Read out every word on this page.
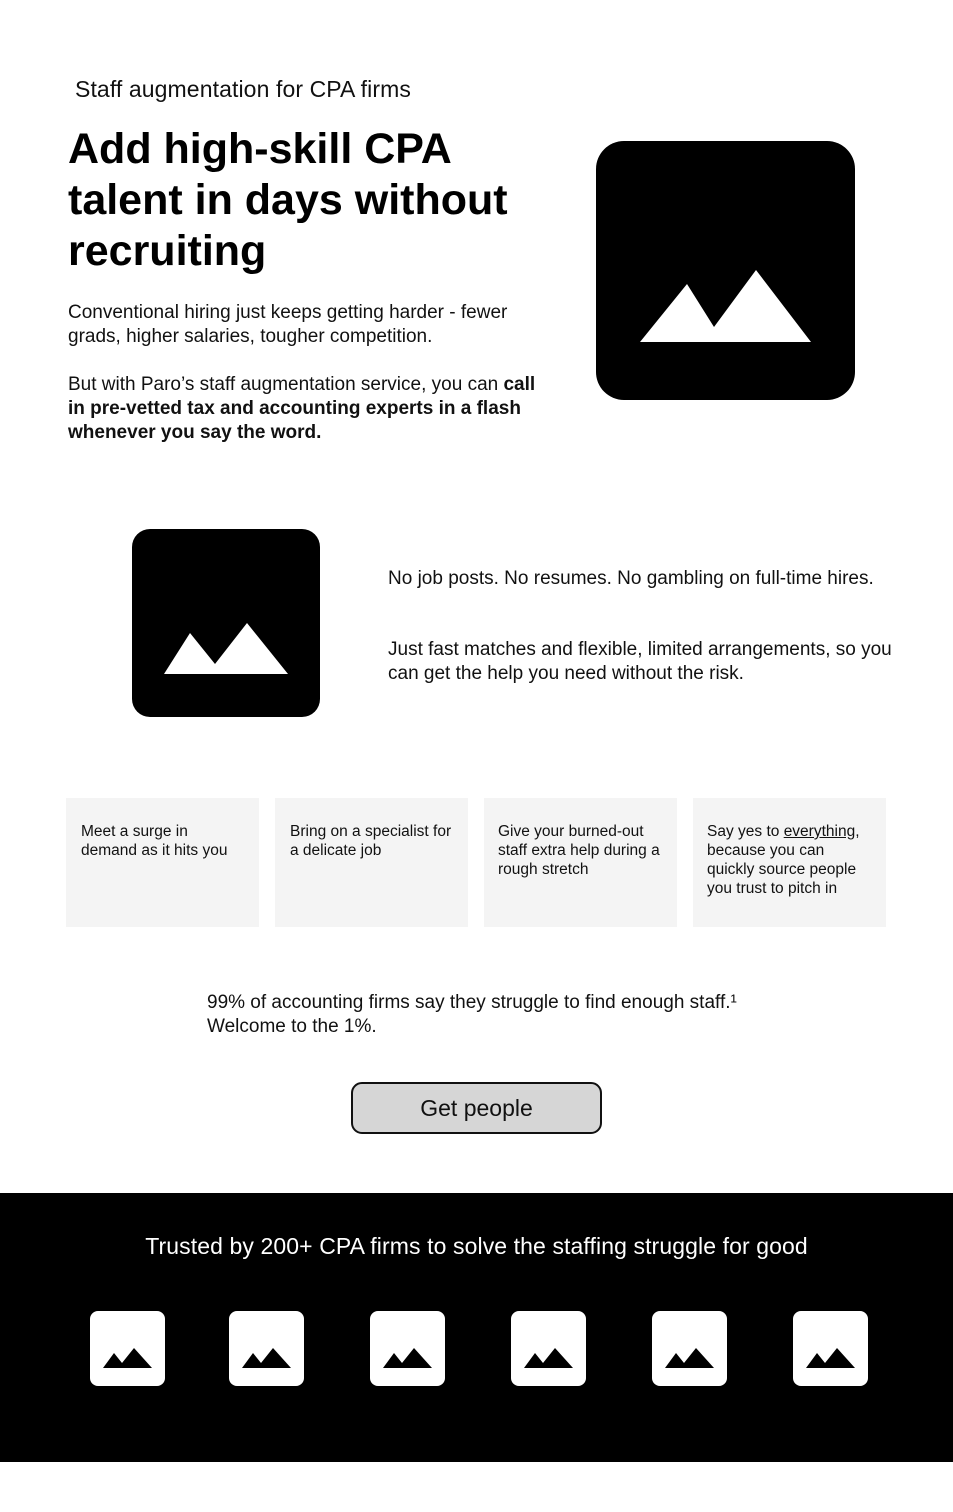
Staff augmentation for CPA firms
Add high-skill CPA talent in days without recruiting

Conventional hiring just keeps getting harder - fewer grads, higher salaries, tougher competition.

But with Paro’s staff augmentation service, you can call in pre-vetted tax and accounting experts in a flash whenever you say the word.

No job posts. No resumes. No gambling on full-time hires.

Just fast matches and flexible, limited arrangements, so you can get the help you need without the risk.

Meet a surge in demand as it hits you
Bring on a specialist for a delicate job
Give your burned-out staff extra help during a rough stretch
Say yes to everything, because you can quickly source people you trust to pitch in

99% of accounting firms say they struggle to find enough staff.¹ Welcome to the 1%.

Get people
Trusted by 200+ CPA firms to solve the staffing struggle for good
